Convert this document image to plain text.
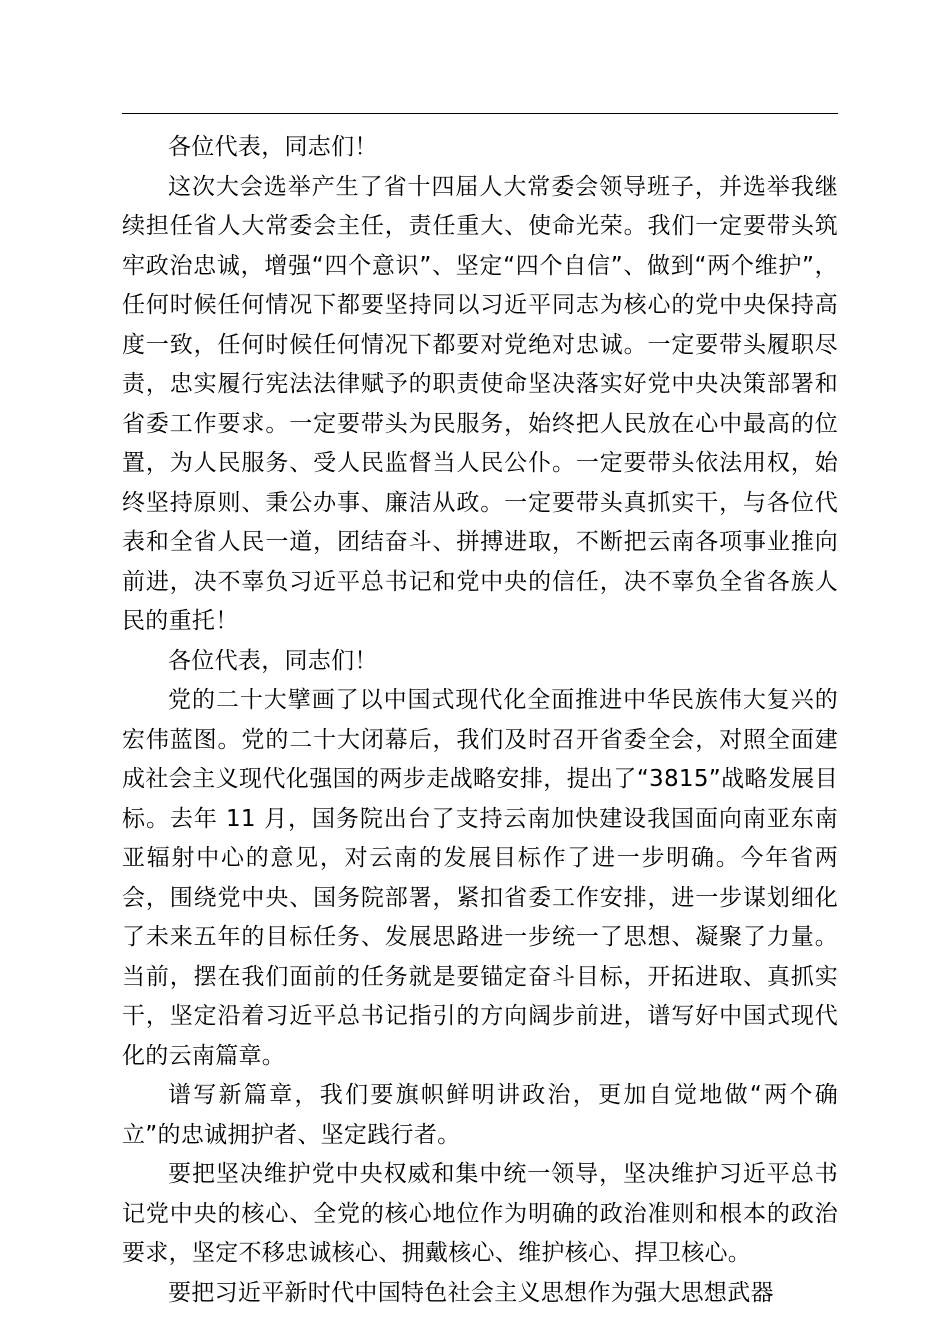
各位代表，同志们！

这次大会选举产生了省十四届人大常委会领导班子，并选举我继续担任省人大常委会主任，责任重大、使命光荣。我们一定要带头筑牢政治忠诚，增强“四个意识”、坚定“四个自信”、做到“两个维护”，任何时候任何情况下都要坚持同以习近平同志为核心的党中央保持高度一致，任何时候任何情况下都要对党绝对忠诚。一定要带头履职尽责，忠实履行宪法法律赋予的职责使命坚决落实好党中央决策部署和省委工作要求。一定要带头为民服务，始终把人民放在心中最高的位置，为人民服务、受人民监督当人民公仆。一定要带头依法用权，始终坚持原则、秉公办事、廉洁从政。一定要带头真抓实干，与各位代表和全省人民一道，团结奋斗、拼搏进取，不断把云南各项事业推向前进，决不辜负习近平总书记和党中央的信任，决不辜负全省各族人民的重托！

各位代表，同志们！

党的二十大擘画了以中国式现代化全面推进中华民族伟大复兴的宏伟蓝图。党的二十大闭幕后，我们及时召开省委全会，对照全面建成社会主义现代化强国的两步走战略安排，提出了“3815”战略发展目标。去年 11 月，国务院出台了支持云南加快建设我国面向南亚东南亚辐射中心的意见，对云南的发展目标作了进一步明确。今年省两会，围绕党中央、国务院部署，紧扣省委工作安排，进一步谋划细化了未来五年的目标任务、发展思路进一步统一了思想、凝聚了力量。当前，摆在我们面前的任务就是要锚定奋斗目标，开拓进取、真抓实干，坚定沿着习近平总书记指引的方向阔步前进，谱写好中国式现代化的云南篇章。

谱写新篇章，我们要旗帜鲜明讲政治，更加自觉地做“两个确立”的忠诚拥护者、坚定践行者。

要把坚决维护党中央权威和集中统一领导，坚决维护习近平总书记党中央的核心、全党的核心地位作为明确的政治准则和根本的政治要求，坚定不移忠诚核心、拥戴核心、维护核心、捍卫核心。

要把习近平新时代中国特色社会主义思想作为强大思想武器
